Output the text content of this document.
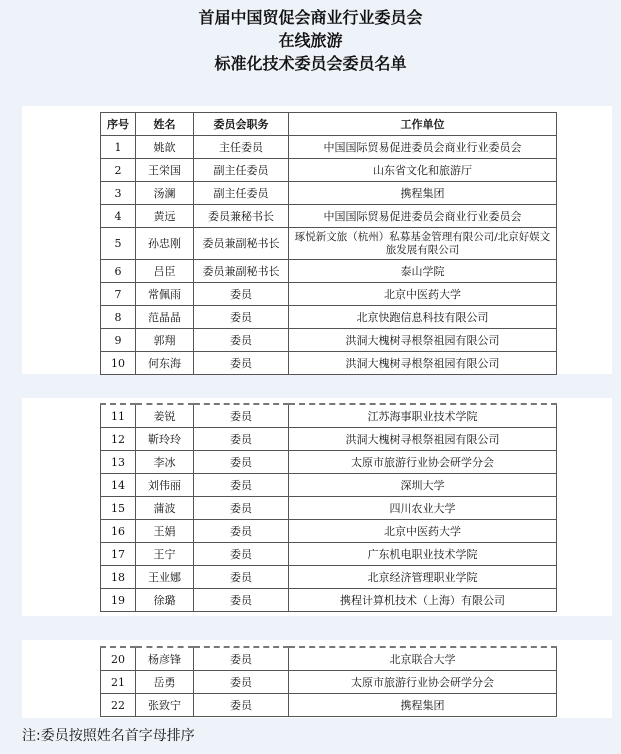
首届中国贸促会商业行业委员会
在线旅游
标准化技术委员会委员名单
序号	姓名	委员会职务	工作单位
1	姚歆	主任委员	中国国际贸易促进委员会商业行业委员会
2	王栄国	副主任委员	山东省文化和旅游厅
3	汤澜	副主任委员	携程集团
4	黄远	委员兼秘书长	中国国际贸易促进委员会商业行业委员会
5	孙忠刚	委员兼副秘书长	琢悦新文旅（杭州）私募基金管理有限公司/北京好娱文旅发展有限公司
6	吕臣	委员兼副秘书长	泰山学院
7	常佩雨	委员	北京中医药大学
8	范晶晶	委员	北京快跑信息科技有限公司
9	郭翔	委员	洪洞大槐树寻根祭祖园有限公司
10	何东海	委员	洪洞大槐树寻根祭祖园有限公司
11	姜锐	委员	江苏海事职业技术学院
12	靳玲玲	委员	洪洞大槐树寻根祭祖园有限公司
13	李冰	委员	太原市旅游行业协会研学分会
14	刘伟丽	委员	深圳大学
15	蒲波	委员	四川农业大学
16	王娟	委员	北京中医药大学
17	王宁	委员	广东机电职业技术学院
18	王业娜	委员	北京经济管理职业学院
19	徐璐	委员	携程计算机技术（上海）有限公司
20	杨彦锋	委员	北京联合大学
21	岳勇	委员	太原市旅游行业协会研学分会
22	张致宁	委员	携程集团
注:委员按照姓名首字母排序
